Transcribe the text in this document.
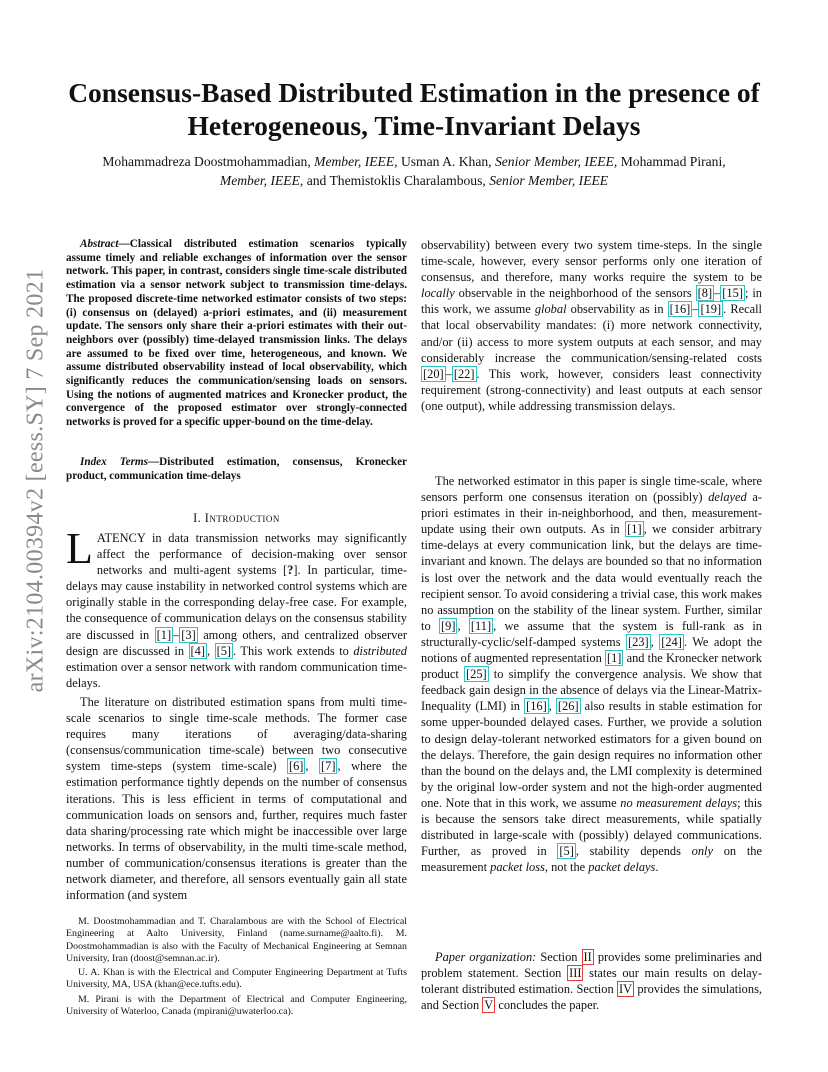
arXiv:2104.00394v2 [eess.SY] 7 Sep 2021
Consensus-Based Distributed Estimation in the presence of Heterogeneous, Time-Invariant Delays
Mohammadreza Doostmohammadian, Member, IEEE, Usman A. Khan, Senior Member, IEEE, Mohammad Pirani,
Member, IEEE, and Themistoklis Charalambous, Senior Member, IEEE

Abstract—Classical distributed estimation scenarios typically assume timely and reliable exchanges of information over the sensor network. This paper, in contrast, considers single time-scale distributed estimation via a sensor network subject to transmission time-delays. The proposed discrete-time networked estimator consists of two steps: (i) consensus on (delayed) a-priori estimates, and (ii) measurement update. The sensors only share their a-priori estimates with their out-neighbors over (possibly) time-delayed transmission links. The delays are assumed to be fixed over time, heterogeneous, and known. We assume distributed observability instead of local observability, which significantly reduces the communication/sensing loads on sensors. Using the notions of augmented matrices and Kronecker product, the convergence of the proposed estimator over strongly-connected networks is proved for a specific upper-bound on the time-delay.

Index Terms—Distributed estimation, consensus, Kronecker product, communication time-delays

I. Introduction
LATENCY in data transmission networks may significantly affect the performance of decision-making over sensor networks and multi-agent systems [?]. In particular, time-delays may cause instability in networked control systems which are originally stable in the corresponding delay-free case. For example, the consequence of communication delays on the consensus stability are discussed in [1] – [3] among others, and centralized observer design are discussed in [4] , [5] . This work extends to distributed estimation over a sensor network with random communication time-delays.
The literature on distributed estimation spans from multi time-scale scenarios to single time-scale methods. The former case requires many iterations of averaging/data-sharing (consensus/communication time-scale) between two consecutive system time-steps (system time-scale) [6] , [7] , where the estimation performance tightly depends on the number of consensus iterations. This is less efficient in terms of computational and communication loads on sensors and, further, requires much faster data sharing/processing rate which might be inaccessible over large networks. In terms of observability, in the multi time-scale method, number of communication/consensus iterations is greater than the network diameter, and therefore, all sensors eventually gain all state information (and system

M. Doostmohammadian and T. Charalambous are with the School of Electrical Engineering at Aalto University, Finland (name.surname@aalto.fi). M. Doostmohammadian is also with the Faculty of Mechanical Engineering at Semnan University, Iran (doost@semnan.ac.ir).

U. A. Khan is with the Electrical and Computer Engineering Department at Tufts University, MA, USA (khan@ece.tufts.edu).

M. Pirani is with the Department of Electrical and Computer Engineering, University of Waterloo, Canada (mpirani@uwaterloo.ca).

observability) between every two system time-steps. In the single time-scale, however, every sensor performs only one iteration of consensus, and therefore, many works require the system to be locally observable in the neighborhood of the sensors [8] – [15] ; in this work, we assume global observability as in [16] – [19] . Recall that local observability mandates: (i) more network connectivity, and/or (ii) access to more system outputs at each sensor, and may considerably increase the communication/sensing-related costs [20] – [22] . This work, however, considers least connectivity requirement (strong-connectivity) and least outputs at each sensor (one output), while addressing transmission delays.
The networked estimator in this paper is single time-scale, where sensors perform one consensus iteration on (possibly) delayed a-priori estimates in their in-neighborhood, and then, measurement-update using their own outputs. As in [1] , we consider arbitrary time-delays at every communication link, but the delays are time-invariant and known. The delays are bounded so that no information is lost over the network and the data would eventually reach the recipient sensor. To avoid considering a trivial case, this work makes no assumption on the stability of the linear system. Further, similar to [9] , [11] , we assume that the system is full-rank as in structurally-cyclic/self-damped systems [23] , [24] . We adopt the notions of augmented representation [1] and the Kronecker network product [25] to simplify the convergence analysis. We show that feedback gain design in the absence of delays via the Linear-Matrix-Inequality (LMI) in [16] , [26] also results in stable estimation for some upper-bounded delayed cases. Further, we provide a solution to design delay-tolerant networked estimators for a given bound on the delays. Therefore, the gain design requires no information other than the bound on the delays and, the LMI complexity is determined by the original low-order system and not the high-order augmented one. Note that in this work, we assume no measurement delays; this is because the sensors take direct measurements, while spatially distributed in large-scale with (possibly) delayed communications. Further, as proved in [5] , stability depends only on the measurement packet loss, not the packet delays.
Paper organization: Section II provides some preliminaries and problem statement. Section III states our main results on delay-tolerant distributed estimation. Section IV provides the simulations, and Section V concludes the paper.
